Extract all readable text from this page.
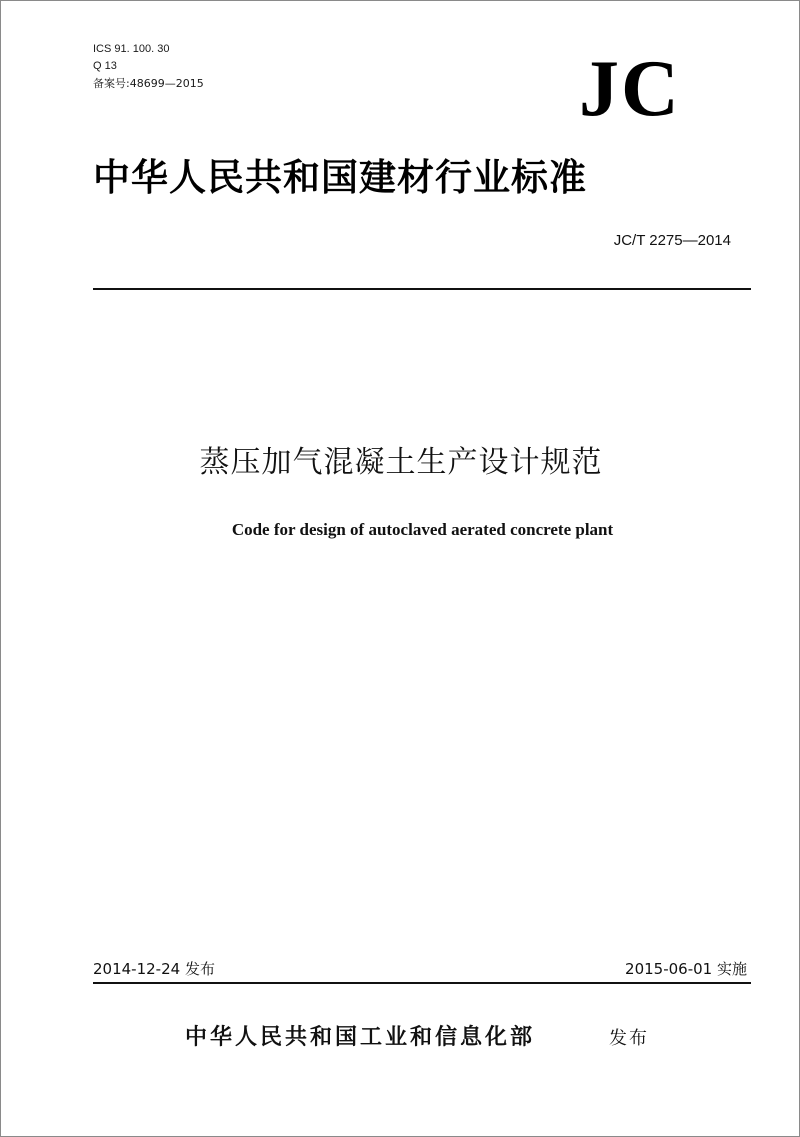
ICS 91. 100. 30
Q 13
备案号:48699—2015	JC
中华人民共和国建材行业标准
JC/T 2275—2014
蒸压加气混凝土生产设计规范
Code for design of autoclaved aerated concrete plant
2014-12-24 发布	2015-06-01 实施
中华人民共和国工业和信息化部	发布
